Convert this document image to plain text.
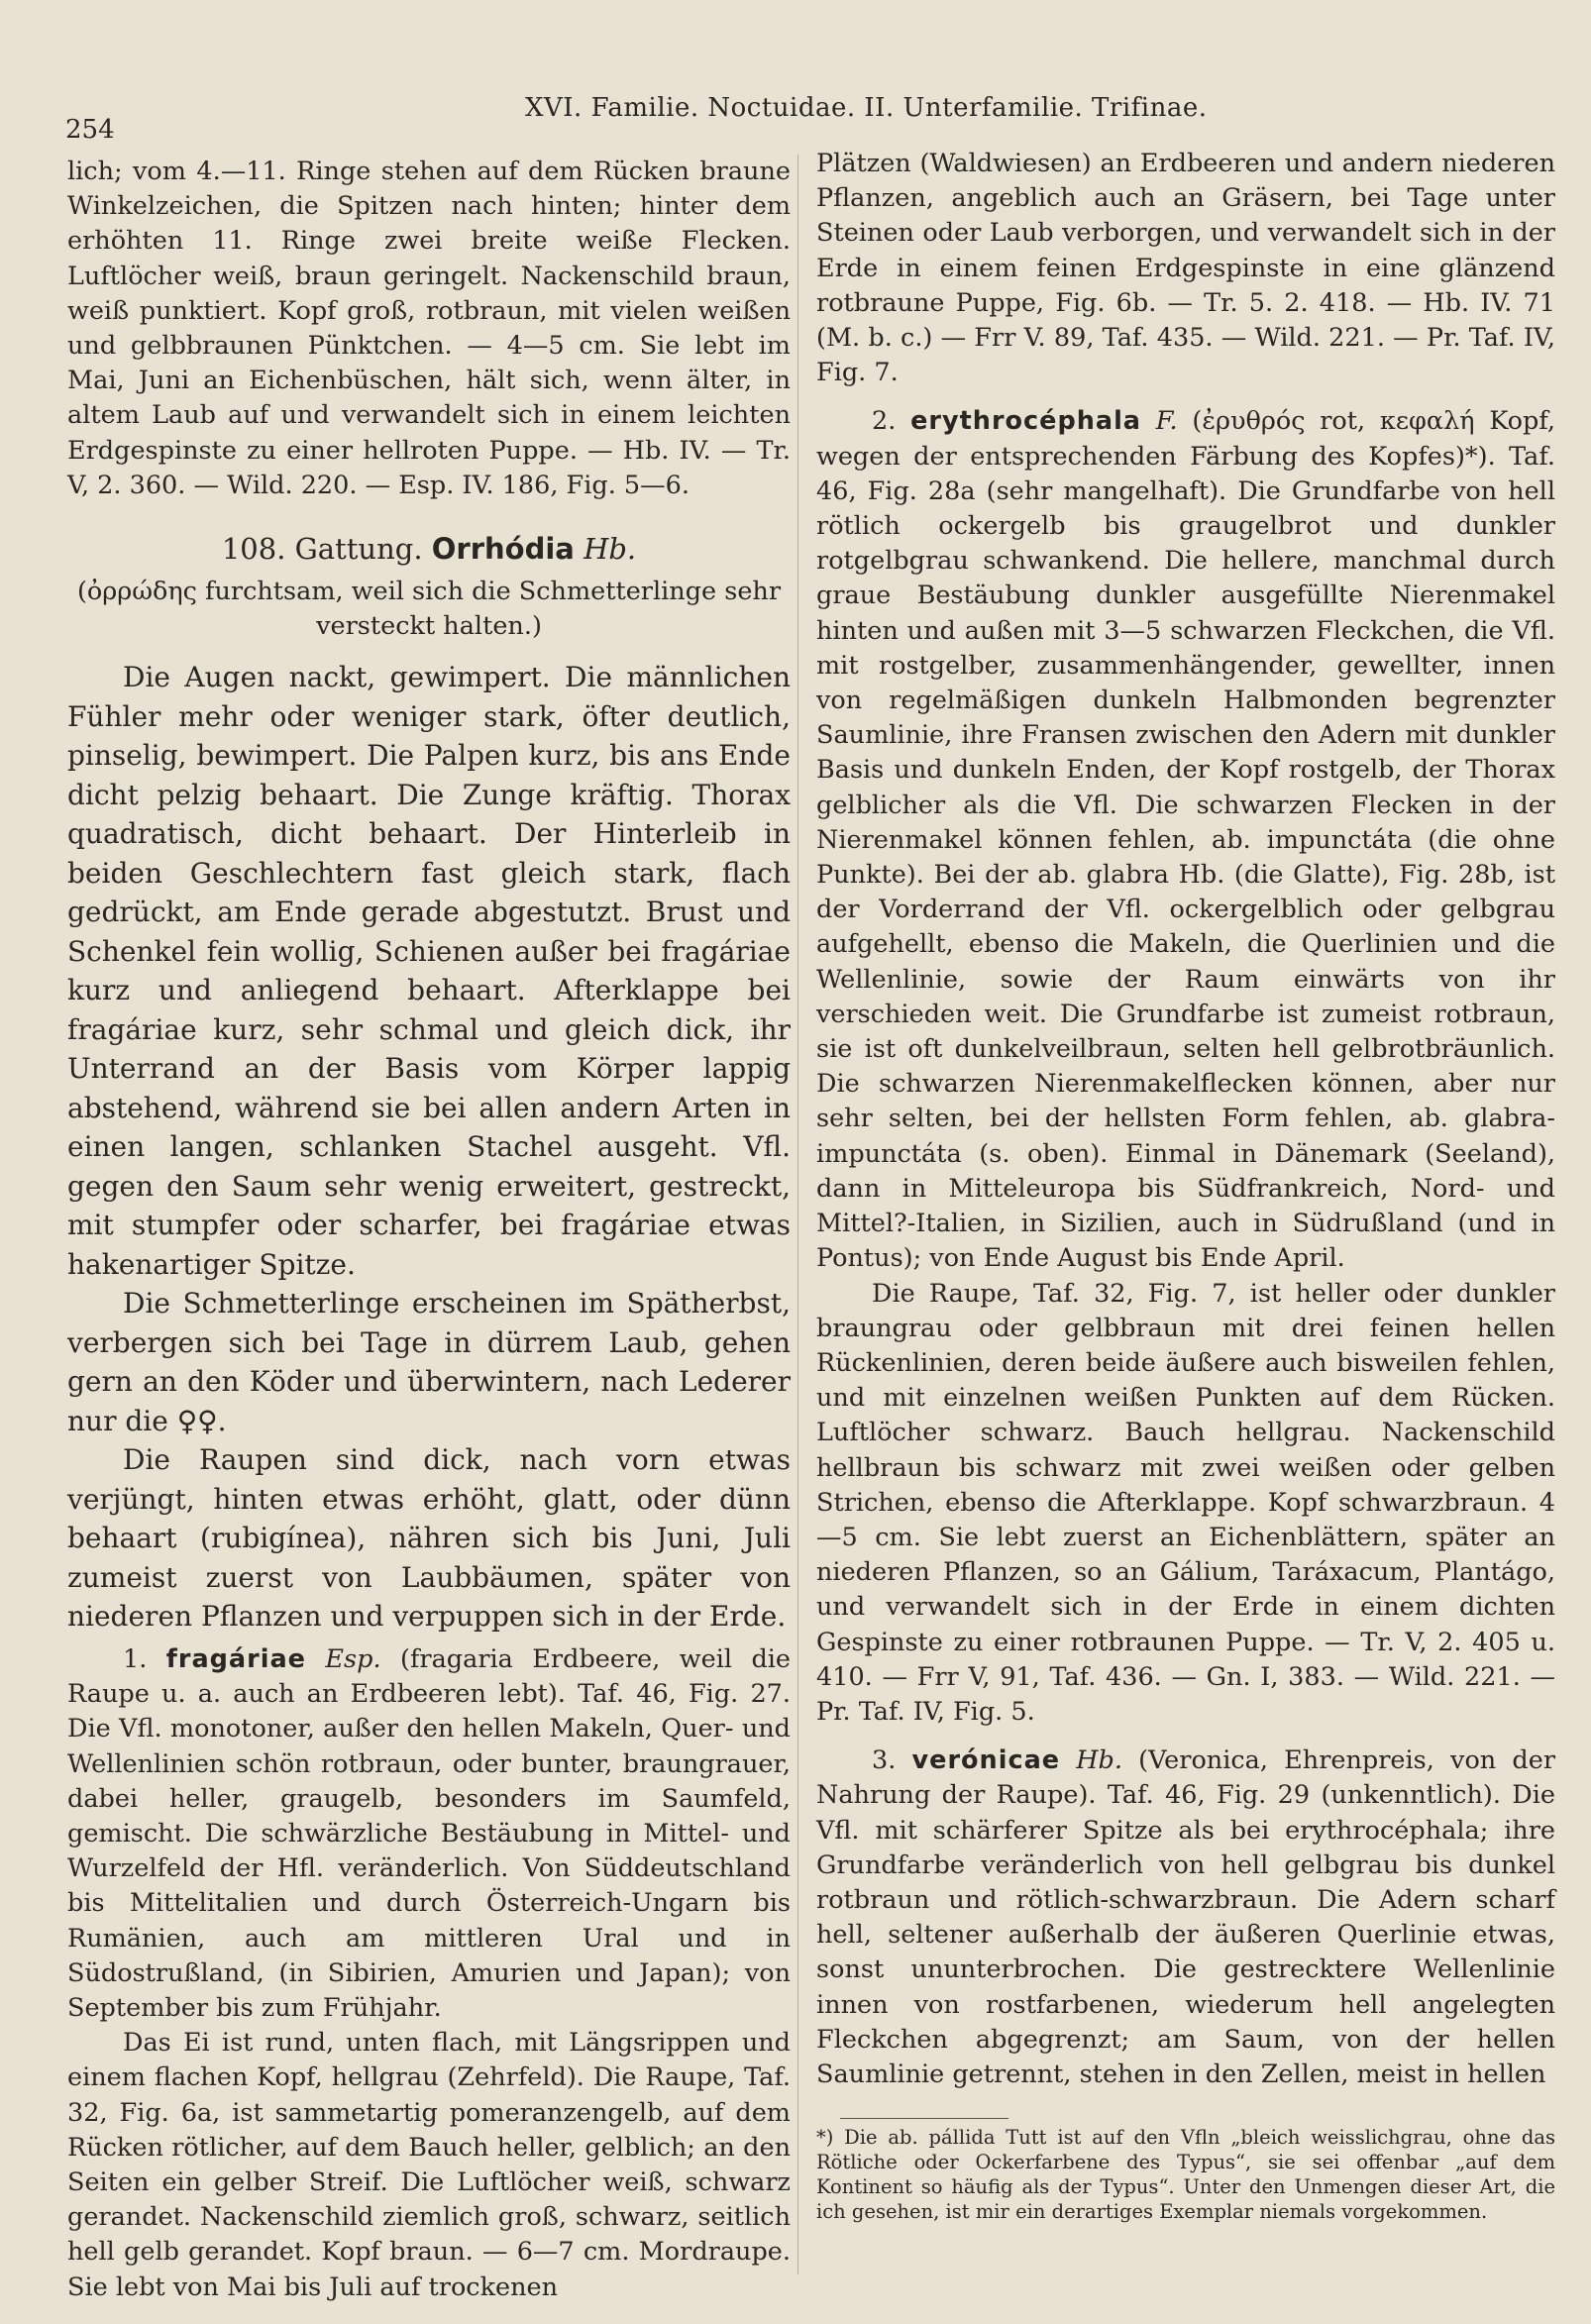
254
XVI. Familie. Noctuidae. II. Unterfamilie. Trifinae.

lich; vom 4.—11. Ringe stehen auf dem Rücken braune Winkelzeichen, die Spitzen nach hinten; hinter dem erhöhten 11. Ringe zwei breite weiße Flecken. Luftlöcher weiß, braun geringelt. Nackenschild braun, weiß punktiert. Kopf groß, rotbraun, mit vielen weißen und gelbbraunen Pünktchen. — 4—5 cm. Sie lebt im Mai, Juni an Eichenbüschen, hält sich, wenn älter, in altem Laub auf und verwandelt sich in einem leichten Erdgespinste zu einer hellroten Puppe. — Hb. IV. — Tr. V, 2. 360. — Wild. 220. — Esp. IV. 186, Fig. 5—6.

108. Gattung. Orrhódia Hb.

(ὀρρώδης furchtsam, weil sich die Schmetterlinge sehr versteckt halten.)

Die Augen nackt, gewimpert. Die männlichen Fühler mehr oder weniger stark, öfter deutlich, pinselig, bewimpert. Die Palpen kurz, bis ans Ende dicht pelzig behaart. Die Zunge kräftig. Thorax quadratisch, dicht behaart. Der Hinterleib in beiden Geschlechtern fast gleich stark, flach gedrückt, am Ende gerade abgestutzt. Brust und Schenkel fein wollig, Schienen außer bei fragáriae kurz und anliegend behaart. Afterklappe bei fragáriae kurz, sehr schmal und gleich dick, ihr Unterrand an der Basis vom Körper lappig abstehend, während sie bei allen andern Arten in einen langen, schlanken Stachel ausgeht. Vfl. gegen den Saum sehr wenig erweitert, gestreckt, mit stumpfer oder scharfer, bei fragáriae etwas hakenartiger Spitze.

Die Schmetterlinge erscheinen im Spätherbst, verbergen sich bei Tage in dürrem Laub, gehen gern an den Köder und überwintern, nach Lederer nur die ♀♀.

Die Raupen sind dick, nach vorn etwas verjüngt, hinten etwas erhöht, glatt, oder dünn behaart (rubigínea), nähren sich bis Juni, Juli zumeist zuerst von Laubbäumen, später von niederen Pflanzen und verpuppen sich in der Erde.

1. fragáriae Esp. (fragaria Erdbeere, weil die Raupe u. a. auch an Erdbeeren lebt). Taf. 46, Fig. 27. Die Vfl. monotoner, außer den hellen Makeln, Quer- und Wellenlinien schön rotbraun, oder bunter, braungrauer, dabei heller, graugelb, besonders im Saumfeld, gemischt. Die schwärzliche Bestäubung in Mittel- und Wurzelfeld der Hfl. veränderlich. Von Süddeutschland bis Mittelitalien und durch Österreich-Ungarn bis Rumänien, auch am mittleren Ural und in Südostrußland, (in Sibirien, Amurien und Japan); von September bis zum Frühjahr.

Das Ei ist rund, unten flach, mit Längsrippen und einem flachen Kopf, hellgrau (Zehrfeld). Die Raupe, Taf. 32, Fig. 6a, ist sammetartig pomeranzengelb, auf dem Rücken rötlicher, auf dem Bauch heller, gelblich; an den Seiten ein gelber Streif. Die Luftlöcher weiß, schwarz gerandet. Nackenschild ziemlich groß, schwarz, seitlich hell gelb gerandet. Kopf braun. — 6—7 cm. Mordraupe. Sie lebt von Mai bis Juli auf trockenen

Plätzen (Waldwiesen) an Erdbeeren und andern niederen Pflanzen, angeblich auch an Gräsern, bei Tage unter Steinen oder Laub verborgen, und verwandelt sich in der Erde in einem feinen Erdgespinste in eine glänzend rotbraune Puppe, Fig. 6b. — Tr. 5. 2. 418. — Hb. IV. 71 (M. b. c.) — Frr V. 89, Taf. 435. — Wild. 221. — Pr. Taf. IV, Fig. 7.

2. erythrocéphala F. (ἐρυθρός rot, κεφαλή Kopf, wegen der entsprechenden Färbung des Kopfes)*). Taf. 46, Fig. 28a (sehr mangelhaft). Die Grundfarbe von hell rötlich ockergelb bis graugelbrot und dunkler rotgelbgrau schwankend. Die hellere, manchmal durch graue Bestäubung dunkler ausgefüllte Nierenmakel hinten und außen mit 3—5 schwarzen Fleckchen, die Vfl. mit rostgelber, zusammenhängender, gewellter, innen von regelmäßigen dunkeln Halbmonden begrenzter Saumlinie, ihre Fransen zwischen den Adern mit dunkler Basis und dunkeln Enden, der Kopf rostgelb, der Thorax gelblicher als die Vfl. Die schwarzen Flecken in der Nierenmakel können fehlen, ab. impunctáta (die ohne Punkte). Bei der ab. glabra Hb. (die Glatte), Fig. 28b, ist der Vorderrand der Vfl. ockergelblich oder gelbgrau aufgehellt, ebenso die Makeln, die Querlinien und die Wellenlinie, sowie der Raum einwärts von ihr verschieden weit. Die Grundfarbe ist zumeist rotbraun, sie ist oft dunkelveilbraun, selten hell gelbrotbräunlich. Die schwarzen Nierenmakelflecken können, aber nur sehr selten, bei der hellsten Form fehlen, ab. glabra-impunctáta (s. oben). Einmal in Dänemark (Seeland), dann in Mitteleuropa bis Südfrankreich, Nord- und Mittel?-Italien, in Sizilien, auch in Südrußland (und in Pontus); von Ende August bis Ende April.

Die Raupe, Taf. 32, Fig. 7, ist heller oder dunkler braungrau oder gelbbraun mit drei feinen hellen Rückenlinien, deren beide äußere auch bisweilen fehlen, und mit einzelnen weißen Punkten auf dem Rücken. Luftlöcher schwarz. Bauch hellgrau. Nackenschild hellbraun bis schwarz mit zwei weißen oder gelben Strichen, ebenso die Afterklappe. Kopf schwarzbraun. 4—5 cm. Sie lebt zuerst an Eichenblättern, später an niederen Pflanzen, so an Gálium, Taráxacum, Plantágo, und verwandelt sich in der Erde in einem dichten Gespinste zu einer rotbraunen Puppe. — Tr. V, 2. 405 u. 410. — Frr V, 91, Taf. 436. — Gn. I, 383. — Wild. 221. — Pr. Taf. IV, Fig. 5.

3. verónicae Hb. (Veronica, Ehrenpreis, von der Nahrung der Raupe). Taf. 46, Fig. 29 (unkenntlich). Die Vfl. mit schärferer Spitze als bei erythrocéphala; ihre Grundfarbe veränderlich von hell gelbgrau bis dunkel rotbraun und rötlich-schwarzbraun. Die Adern scharf hell, seltener außerhalb der äußeren Querlinie etwas, sonst ununterbrochen. Die gestrecktere Wellenlinie innen von rostfarbenen, wiederum hell angelegten Fleckchen abgegrenzt; am Saum, von der hellen Saumlinie getrennt, stehen in den Zellen, meist in hellen

*) Die ab. pállida Tutt ist auf den Vfln „bleich weisslichgrau, ohne das Rötliche oder Ockerfarbene des Typus“, sie sei offenbar „auf dem Kontinent so häufig als der Typus“. Unter den Unmengen dieser Art, die ich gesehen, ist mir ein derartiges Exemplar niemals vorgekommen.
